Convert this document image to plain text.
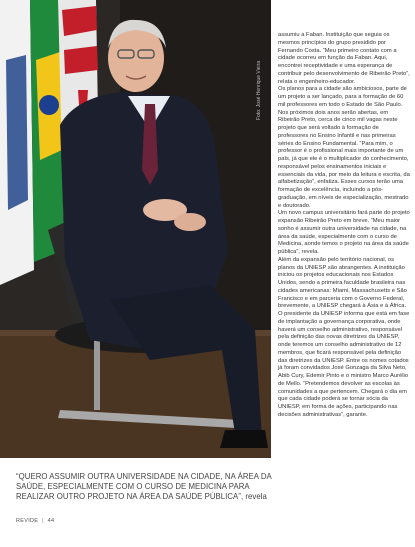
Foto: José Henrique Vieira

assumiu a Faban. Instituição que seguia os mesmos princípios do grupo presidido por Fernando Costa. “Meu primeiro contato com a cidade ocorreu em função da Faban. Aqui, encontrei receptividade e uma esperança de contribuir pelo desenvolvimento de Ribeirão Preto”, relata o engenheiro-educador.

Os planos para a cidade são ambiciosos, parte de um projeto a ser lançado, para a formação de 60 mil professores em todo o Estado de São Paulo. Nos próximos dois anos serão abertas, em Ribeirão Preto, cerca de cinco mil vagas neste projeto que será voltado à formação de professores no Ensino Infantil e nas primeiras séries do Ensino Fundamental. “Para mim, o professor é o profissional mais importante de um país, já que ele é o multiplicador do conhecimento, responsável pelos ensinamentos iniciais e essenciais da vida, por meio da leitura e escrita, da alfabetização”, enfatiza. Esses cursos terão uma formação de excelência, incluindo a pós-graduação, em níveis de especialização, mestrado e doutorado.

Um novo campus universitário fará parte do projeto expansão Ribeirão Preto em breve. “Meu maior sonho é assumir outra universidade na cidade, na área da saúde, especialmente com o curso de Medicina, aonde temos o projeto na área da saúde pública”, revela.

Além da expansão pelo território nacional, os planos da UNIESP são abrangentes. A instituição iniciou os projetos educacionais nos Estados Unidos, sendo a primeira faculdade brasileira nas cidades americanas: Miami, Massachusetts e São Francisco e em parceria com o Governo Federal, brevemente, a UNIESP chegará à Ásia e à África.

O presidente da UNIESP informa que está em fase de implantação a governança corporativa, onde haverá um conselho administrativo, responsável pela definição das novas diretrizes da UNIESP, onde teremos um conselho administrativo de 12 membros, que ficará responsável pela definição das diretrizes da UNIESP. Entre os nomes cotados já foram convidados José Gonzaga da Silva Neto, Abib Cury, Edemir Pinto e o ministro Marco Aurélio de Mello. “Pretendemos devolver as escolas às comunidades a que pertencem. Chegará o dia em que cada cidade poderá se tornar sócia da UNIESP, em forma de ações, participando nas decisões administrativas”, garante.

“QUERO ASSUMIR OUTRA UNIVERSIDADE NA CIDADE, NA ÁREA DA SAÚDE, ESPECIALMENTE COM O CURSO DE MEDICINA PARA REALIZAR OUTRO PROJETO NA ÁREA DA SAÚDE PÚBLICA”, revela
REVIDE | 44
